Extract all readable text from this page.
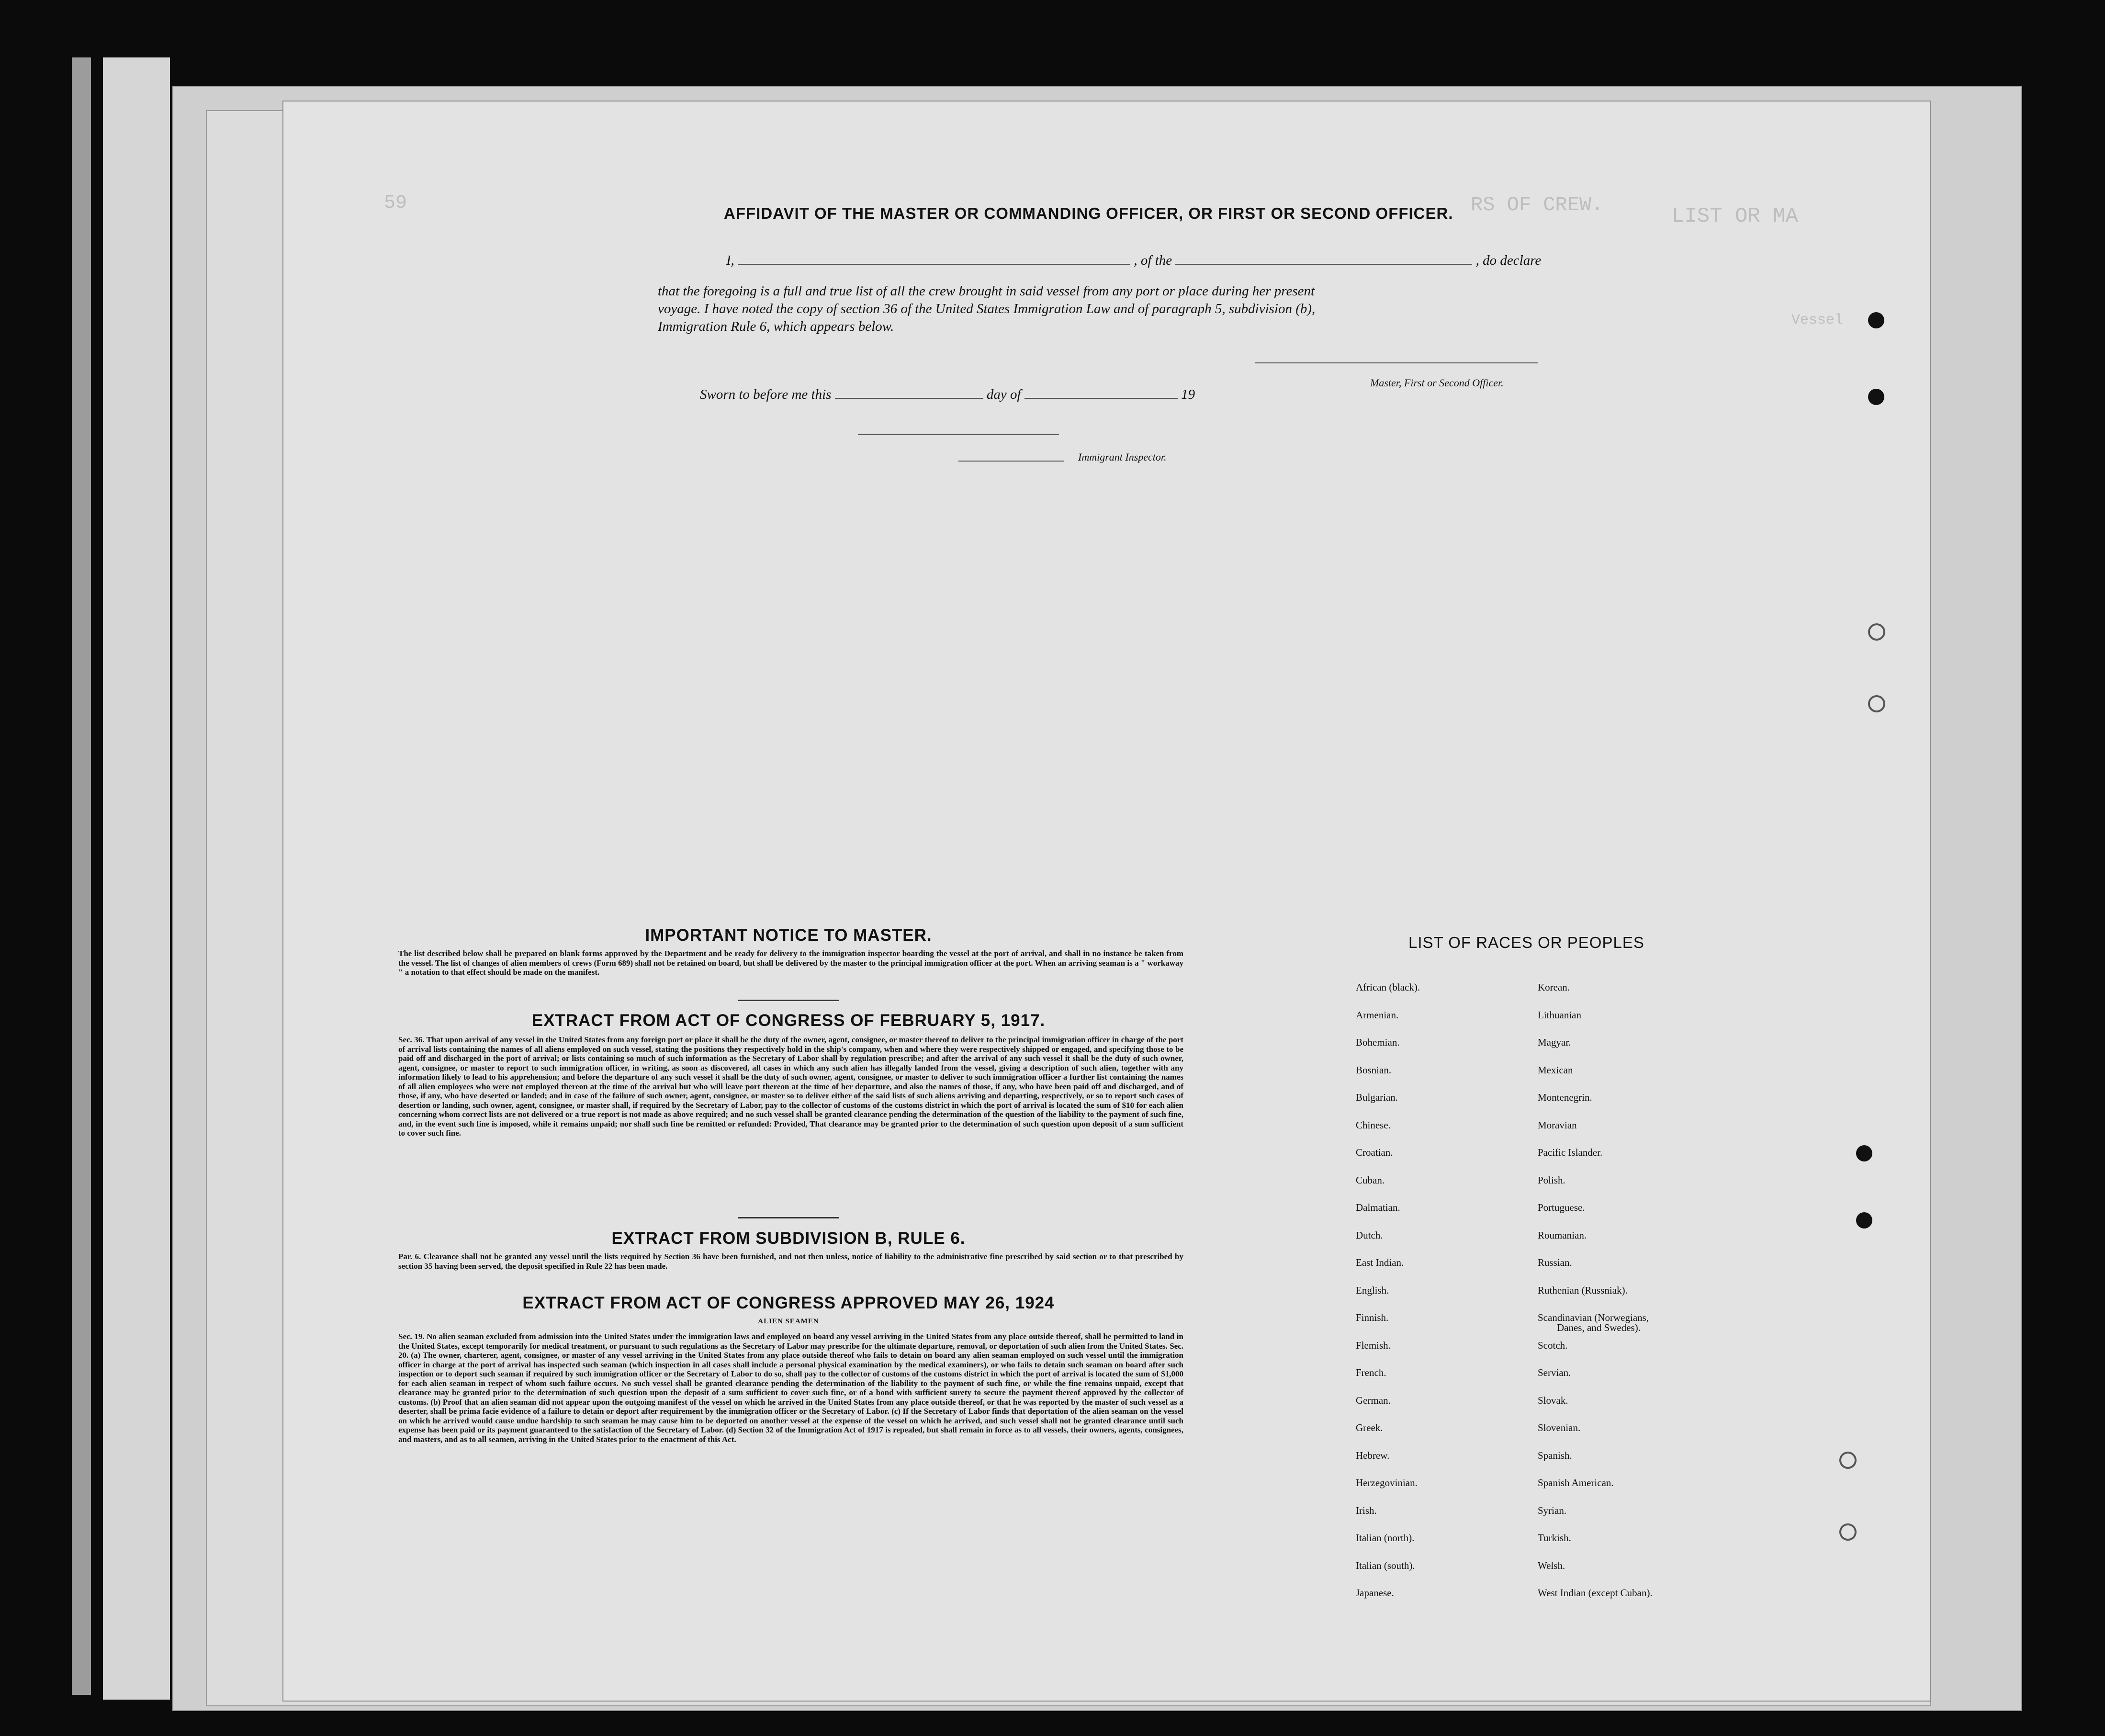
59
LIST OR MA
RS OF CREW.
Vessel
AFFIDAVIT OF THE MASTER OR COMMANDING OFFICER, OR FIRST OR SECOND OFFICER.
I,	, of the	, do declare
that the foregoing is a full and true list of all the crew brought in said vessel from any port or place during her present
voyage. I have noted the copy of section 36 of the United States Immigration Law and of paragraph 5, subdivision (b),
Immigration Rule 6, which appears below.
Master, First or Second Officer.
Sworn to before me this	day of	19
Immigrant Inspector.
IMPORTANT NOTICE TO MASTER.

The list described below shall be prepared on blank forms approved by the Department and be ready for delivery to the immigration inspector boarding the vessel at the port of arrival, and shall in no instance be taken from the vessel. The list of changes of alien members of crews (Form 689) shall not be retained on board, but shall be delivered by the master to the principal immigration officer at the port. When an arriving seaman is a " workaway " a notation to that effect should be made on the manifest.

EXTRACT FROM ACT OF CONGRESS OF FEBRUARY 5, 1917.

Sec. 36. That upon arrival of any vessel in the United States from any foreign port or place it shall be the duty of the owner, agent, consignee, or master thereof to deliver to the principal immigration officer in charge of the port of arrival lists containing the names of all aliens employed on such vessel, stating the positions they respectively hold in the ship's company, when and where they were respectively shipped or engaged, and specifying those to be paid off and discharged in the port of arrival; or lists containing so much of such information as the Secretary of Labor shall by regulation prescribe; and after the arrival of any such vessel it shall be the duty of such owner, agent, consignee, or master to report to such immigration officer, in writing, as soon as discovered, all cases in which any such alien has illegally landed from the vessel, giving a description of such alien, together with any information likely to lead to his apprehension; and before the departure of any such vessel it shall be the duty of such owner, agent, consignee, or master to deliver to such immigration officer a further list containing the names of all alien employees who were not employed thereon at the time of the arrival but who will leave port thereon at the time of her departure, and also the names of those, if any, who have been paid off and discharged, and of those, if any, who have deserted or landed; and in case of the failure of such owner, agent, consignee, or master so to deliver either of the said lists of such aliens arriving and departing, respectively, or so to report such cases of desertion or landing, such owner, agent, consignee, or master shall, if required by the Secretary of Labor, pay to the collector of customs of the customs district in which the port of arrival is located the sum of $10 for each alien concerning whom correct lists are not delivered or a true report is not made as above required; and no such vessel shall be granted clearance pending the determination of the question of the liability to the payment of such fine, and, in the event such fine is imposed, while it remains unpaid; nor shall such fine be remitted or refunded: Provided, That clearance may be granted prior to the determination of such question upon deposit of a sum sufficient to cover such fine.

EXTRACT FROM SUBDIVISION B, RULE 6.

Par. 6. Clearance shall not be granted any vessel until the lists required by Section 36 have been furnished, and not then unless, notice of liability to the administrative fine prescribed by said section or to that prescribed by section 35 having been served, the deposit specified in Rule 22 has been made.

EXTRACT FROM ACT OF CONGRESS APPROVED MAY 26, 1924
ALIEN SEAMEN

Sec. 19. No alien seaman excluded from admission into the United States under the immigration laws and employed on board any vessel arriving in the United States from any place outside thereof, shall be permitted to land in the United States, except temporarily for medical treatment, or pursuant to such regulations as the Secretary of Labor may prescribe for the ultimate departure, removal, or deportation of such alien from the United States. Sec. 20. (a) The owner, charterer, agent, consignee, or master of any vessel arriving in the United States from any place outside thereof who fails to detain on board any alien seaman employed on such vessel until the immigration officer in charge at the port of arrival has inspected such seaman (which inspection in all cases shall include a personal physical examination by the medical examiners), or who fails to detain such seaman on board after such inspection or to deport such seaman if required by such immigration officer or the Secretary of Labor to do so, shall pay to the collector of customs of the customs district in which the port of arrival is located the sum of $1,000 for each alien seaman in respect of whom such failure occurs. No such vessel shall be granted clearance pending the determination of the liability to the payment of such fine, or while the fine remains unpaid, except that clearance may be granted prior to the determination of such question upon the deposit of a sum sufficient to cover such fine, or of a bond with sufficient surety to secure the payment thereof approved by the collector of customs. (b) Proof that an alien seaman did not appear upon the outgoing manifest of the vessel on which he arrived in the United States from any place outside thereof, or that he was reported by the master of such vessel as a deserter, shall be prima facie evidence of a failure to detain or deport after requirement by the immigration officer or the Secretary of Labor. (c) If the Secretary of Labor finds that deportation of the alien seaman on the vessel on which he arrived would cause undue hardship to such seaman he may cause him to be deported on another vessel at the expense of the vessel on which he arrived, and such vessel shall not be granted clearance until such expense has been paid or its payment guaranteed to the satisfaction of the Secretary of Labor. (d) Section 32 of the Immigration Act of 1917 is repealed, but shall remain in force as to all vessels, their owners, agents, consignees, and masters, and as to all seamen, arriving in the United States prior to the enactment of this Act.

LIST OF RACES OR PEOPLES
African (black).
Armenian.
Bohemian.
Bosnian.
Bulgarian.
Chinese.
Croatian.
Cuban.
Dalmatian.
Dutch.
East Indian.
English.
Finnish.
Flemish.
French.
German.
Greek.
Hebrew.
Herzegovinian.
Irish.
Italian (north).
Italian (south).
Japanese.
Korean.
Lithuanian
Magyar.
Mexican
Montenegrin.
Moravian
Pacific Islander.
Polish.
Portuguese.
Roumanian.
Russian.
Ruthenian (Russniak).
Scandinavian (Norwegians,
Danes, and Swedes).
Scotch.
Servian.
Slovak.
Slovenian.
Spanish.
Spanish American.
Syrian.
Turkish.
Welsh.
West Indian (except Cuban).
